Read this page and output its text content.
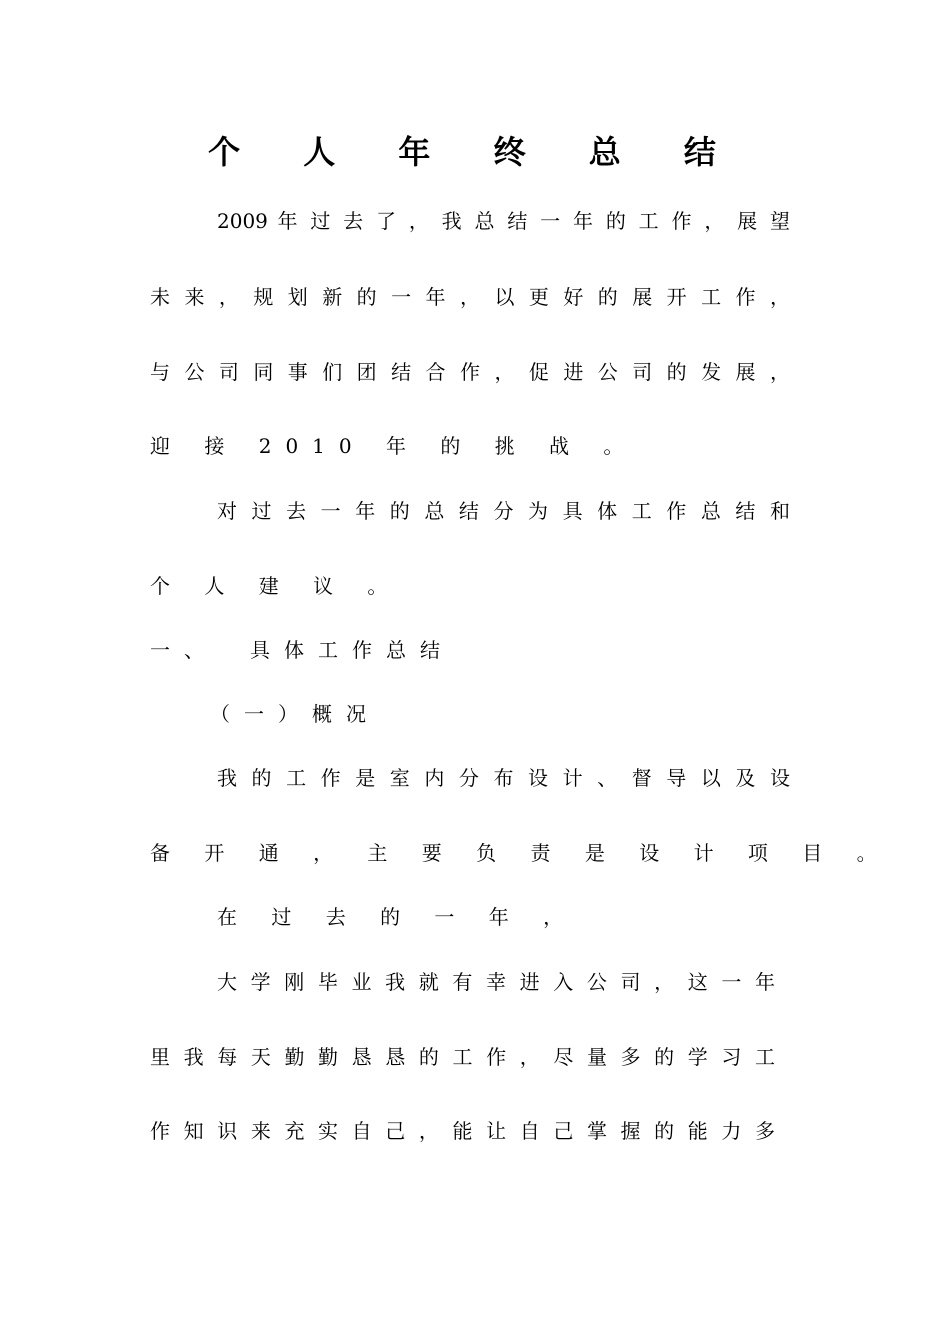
个 人 年 终 总 结
2009 年 过 去 了 ， 我 总 结 一 年 的 工 作 ， 展 望
未 来 ， 规 划 新 的 一 年 ， 以 更 好 的 展 开 工 作 ，
与 公 司 同 事 们 团 结 合 作 ， 促 进 公 司 的 发 展 ，
迎 接 2010 年 的 挑 战 。
对 过 去 一 年 的 总 结 分 为 具 体 工 作 总 结 和
个 人 建 议 。
一、 具体工作总结
（一）概况
我 的 工 作 是 室 内 分 布 设 计 、 督 导 以 及 设
备 开 通 ， 主 要 负 责 是 设 计 项 目 。
在 过 去 的 一 年 ，
大 学 刚 毕 业 我 就 有 幸 进 入 公 司 ， 这 一 年
里 我 每 天 勤 勤 恳 恳 的 工 作 ， 尽 量 多 的 学 习 工
作 知 识 来 充 实 自 己 ， 能 让 自 己 掌 握 的 能 力 多
